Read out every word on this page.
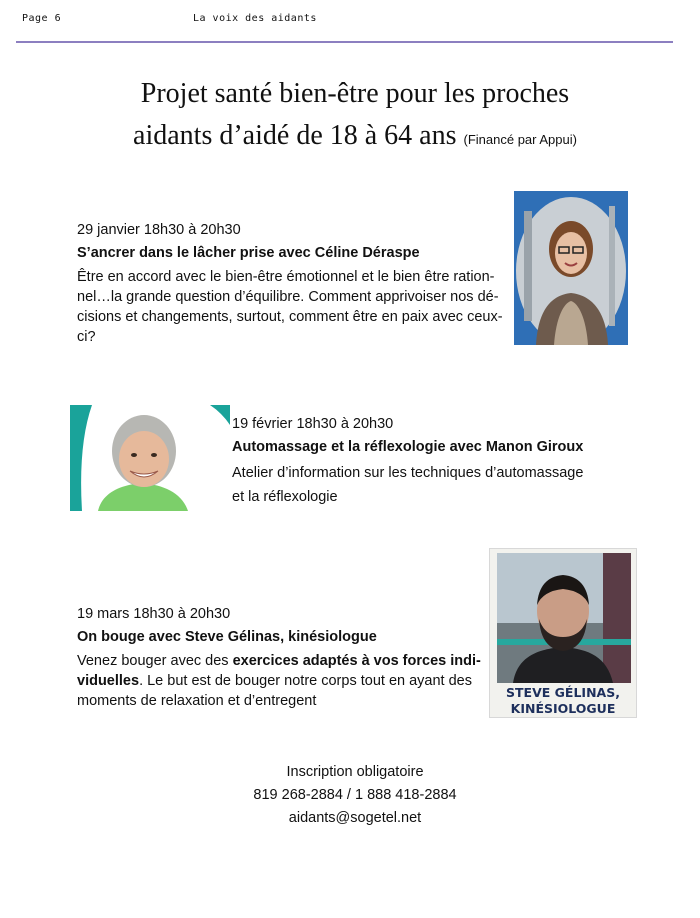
Page 6	La voix des aidants
Projet santé bien-être pour les proches
aidants d’aidé de 18 à 64 ans (Financé par Appui)
29 janvier 18h30 à 20h30
S’ancrer dans le lâcher prise avec Céline Déraspe

Être en accord avec le bien-être émotionnel et le bien être ration-

nel…la grande question d’équilibre. Comment apprivoiser nos dé-

cisions et changements, surtout, comment être en paix avec ceux-

ci?

19 février 18h30 à 20h30
Automassage et la réflexologie avec Manon Giroux

Atelier d’information sur les techniques d’automassage

et la réflexologie

19 mars 18h30 à 20h30
On bouge avec Steve Gélinas, kinésiologue

Venez bouger avec des exercices adaptés à vos forces indi-

viduelles. Le but est de bouger notre corps tout en ayant des

moments de relaxation et d’entregent

STEVE GÉLINAS,
KINÉSIOLOGUE
Inscription obligatoire
819 268-2884 / 1 888 418-2884
aidants@sogetel.net
